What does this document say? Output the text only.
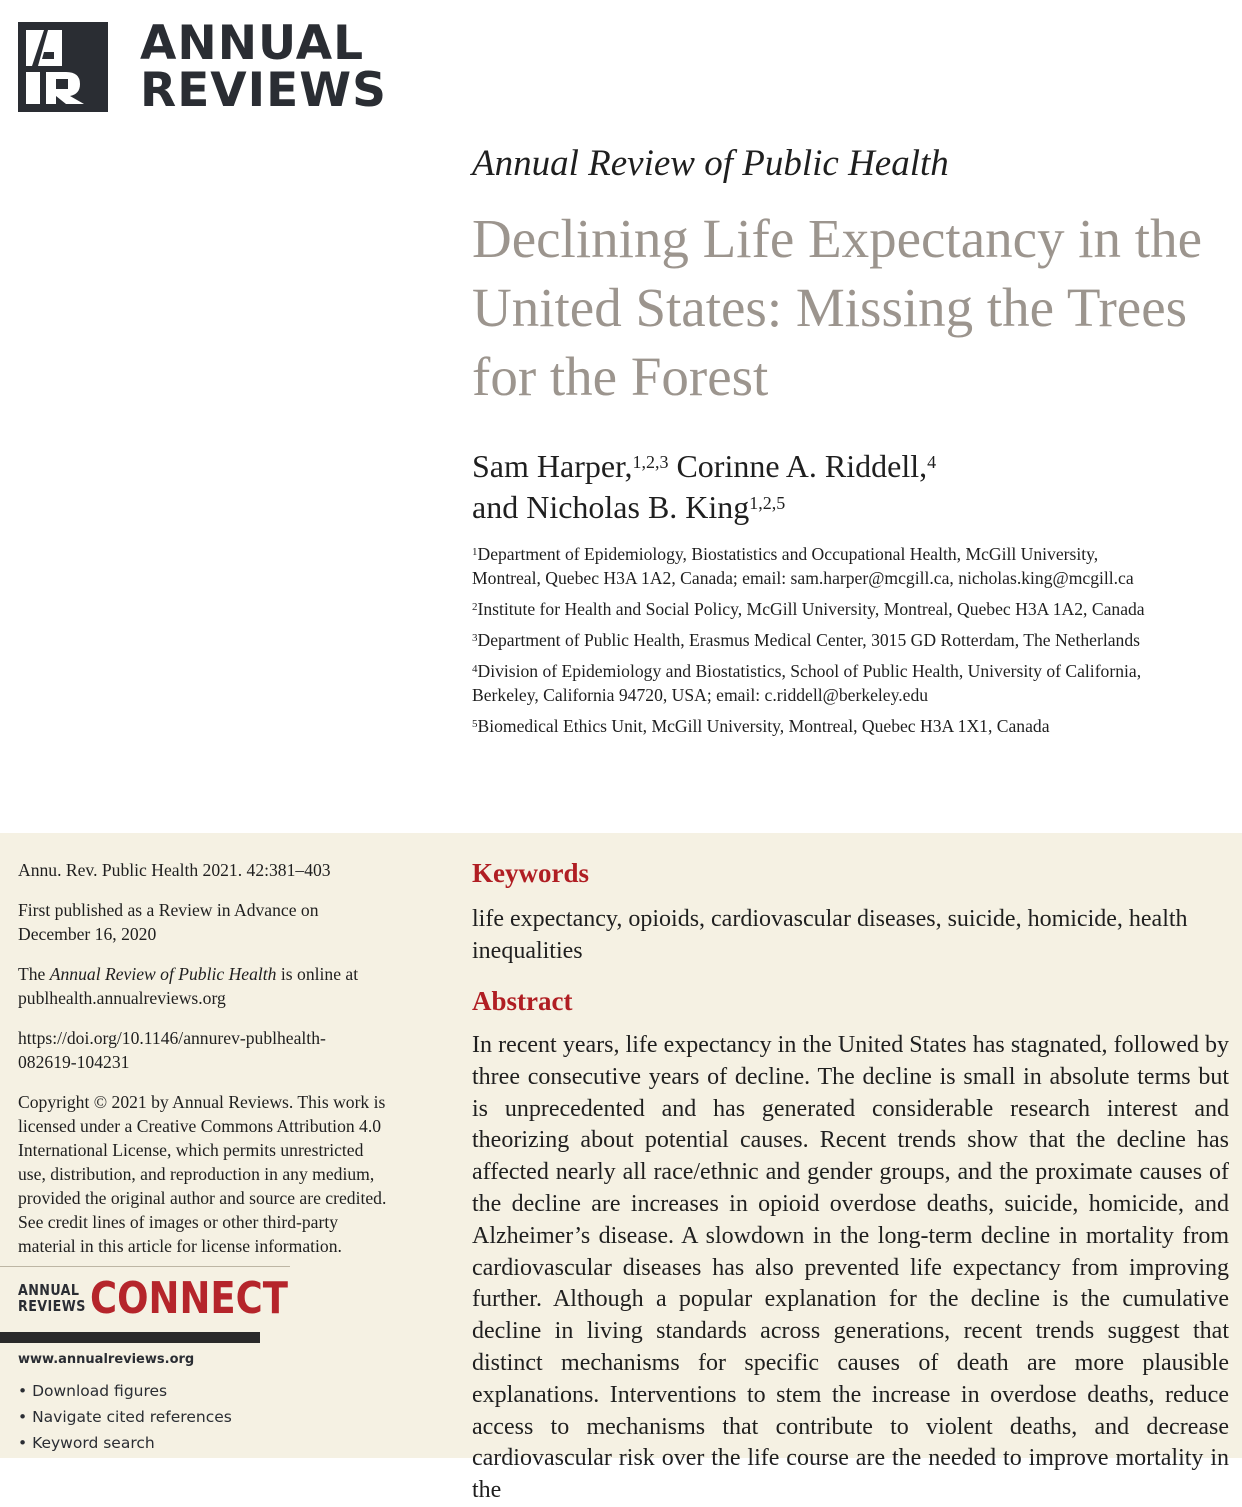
ANNUAL
REVIEWS
Annual Review of Public Health
Declining Life Expectancy in the United States: Missing the Trees for the Forest
Sam Harper,$^{1,2,3}$ Corinne A. Riddell,$^4$
and Nicholas B. King$^{1,2,5}$
$^1$Department of Epidemiology, Biostatistics and Occupational Health, McGill University,
Montreal, Quebec H3A 1A2, Canada; email: sam.harper@mcgill.ca, nicholas.king@mcgill.ca
$^2$Institute for Health and Social Policy, McGill University, Montreal, Quebec H3A 1A2, Canada
$^3$Department of Public Health, Erasmus Medical Center, 3015 GD Rotterdam, The Netherlands
$^4$Division of Epidemiology and Biostatistics, School of Public Health, University of California,
Berkeley, California 94720, USA; email: c.riddell@berkeley.edu
$^5$Biomedical Ethics Unit, McGill University, Montreal, Quebec H3A 1X1, Canada

Annu. Rev. Public Health 2021. 42:381–403

First published as a Review in Advance on
December 16, 2020

The Annual Review of Public Health is online at
publhealth.annualreviews.org

https://doi.org/10.1146/annurev-publhealth-
082619-104231

Copyright © 2021 by Annual Reviews. This work is
licensed under a Creative Commons Attribution 4.0
International License, which permits unrestricted
use, distribution, and reproduction in any medium,
provided the original author and source are credited.
See credit lines of images or other third-party
material in this article for license information.

ANNUAL
REVIEWS CONNECT
www.annualreviews.org
• Download figures
• Navigate cited references
• Keyword search
Keywords
life expectancy, opioids, cardiovascular diseases, suicide, homicide, health inequalities
Abstract

In recent years, life expectancy in the United States has stagnated, followed by three consecutive years of decline. The decline is small in absolute terms but is unprecedented and has generated considerable research interest and theorizing about potential causes. Recent trends show that the decline has affected nearly all race/ethnic and gender groups, and the proximate causes of the decline are increases in opioid overdose deaths, suicide, homicide, and Alzheimer’s disease. A slowdown in the long-term decline in mortality from cardiovascular diseases has also prevented life expectancy from improving further. Although a popular explanation for the decline is the cumulative decline in living standards across generations, recent trends suggest that distinct mechanisms for specific causes of death are more plausible explanations. Interventions to stem the increase in overdose deaths, reduce access to mechanisms that contribute to violent deaths, and decrease cardiovascular risk over the life course are the needed to improve mortality in the
